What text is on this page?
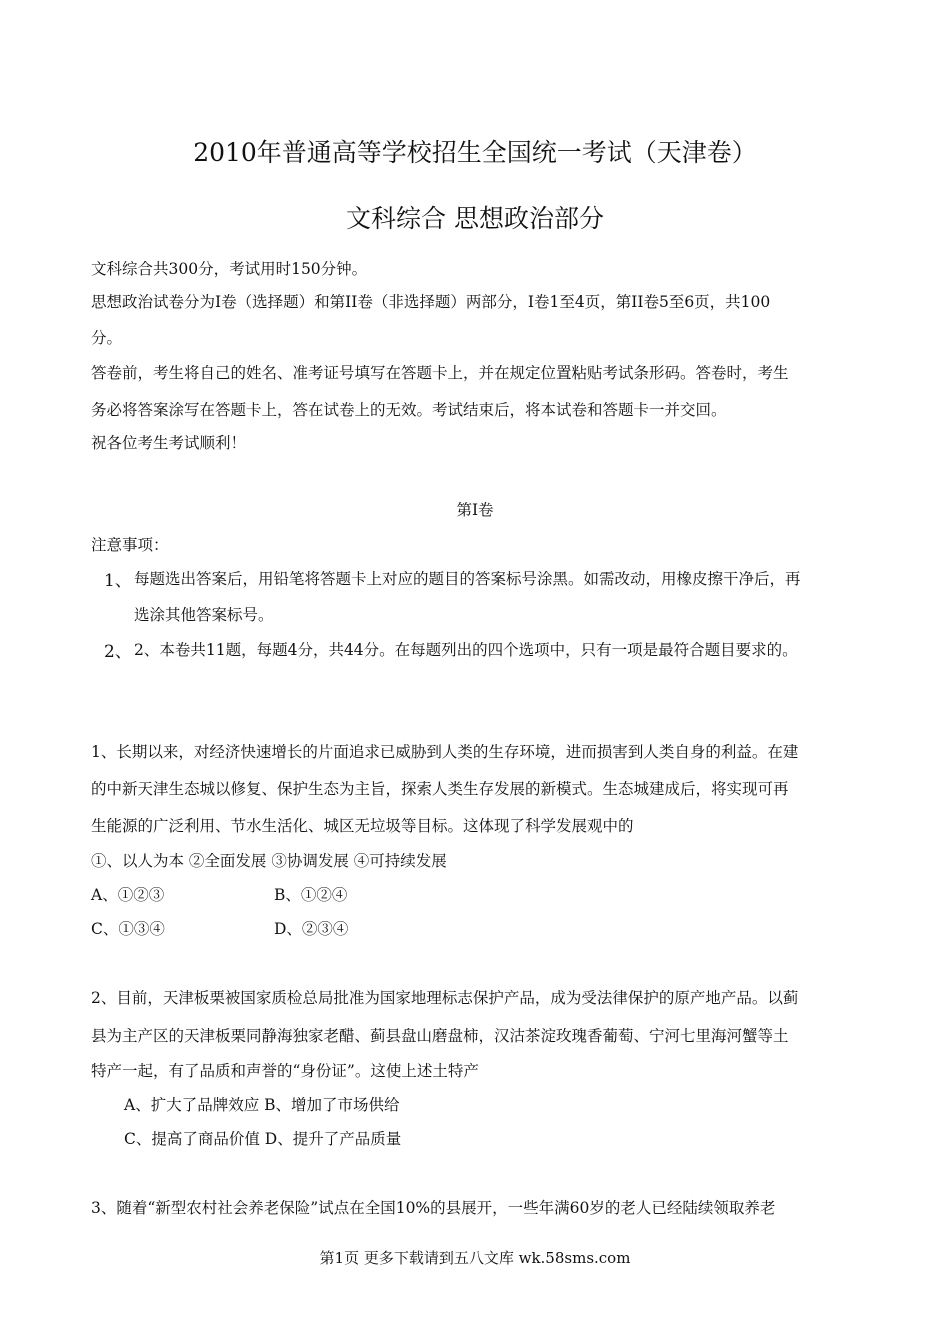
2010年普通高等学校招生全国统一考试（天津卷）
文科综合 思想政治部分
文科综合共300分，考试用时150分钟。
思想政治试卷分为I卷（选择题）和第II卷（非选择题）两部分，I卷1至4页，第II卷5至6页，共100
分。
答卷前，考生将自己的姓名、准考证号填写在答题卡上，并在规定位置粘贴考试条形码。答卷时，考生
务必将答案涂写在答题卡上，答在试卷上的无效。考试结束后，将本试卷和答题卡一并交回。
祝各位考生考试顺利！
第I卷
注意事项：
1、 每题选出答案后，用铅笔将答题卡上对应的题目的答案标号涂黑。如需改动，用橡皮擦干净后，再
选涂其他答案标号。
2、 2、本卷共11题，每题4分，共44分。在每题列出的四个选项中，只有一项是最符合题目要求的。
1、长期以来，对经济快速增长的片面追求已威胁到人类的生存环境，进而损害到人类自身的利益。在建
的中新天津生态城以修复、保护生态为主旨，探索人类生存发展的新模式。生态城建成后，将实现可再
生能源的广泛利用、节水生活化、城区无垃圾等目标。这体现了科学发展观中的
①、以人为本 ②全面发展 ③协调发展 ④可持续发展
A、①②③	B、①②④
C、①③④	D、②③④
2、目前，天津板栗被国家质检总局批准为国家地理标志保护产品，成为受法律保护的原产地产品。以蓟
县为主产区的天津板栗同静海独家老醋、蓟县盘山磨盘柿，汉沽茶淀玫瑰香葡萄、宁河七里海河蟹等土
特产一起，有了品质和声誉的“身份证”。这使上述土特产
A、扩大了品牌效应 B、增加了市场供给
C、提高了商品价值 D、提升了产品质量
3、随着“新型农村社会养老保险”试点在全国10%的县展开，一些年满60岁的老人已经陆续领取养老
第1页 更多下载请到五八文库 wk.58sms.com
